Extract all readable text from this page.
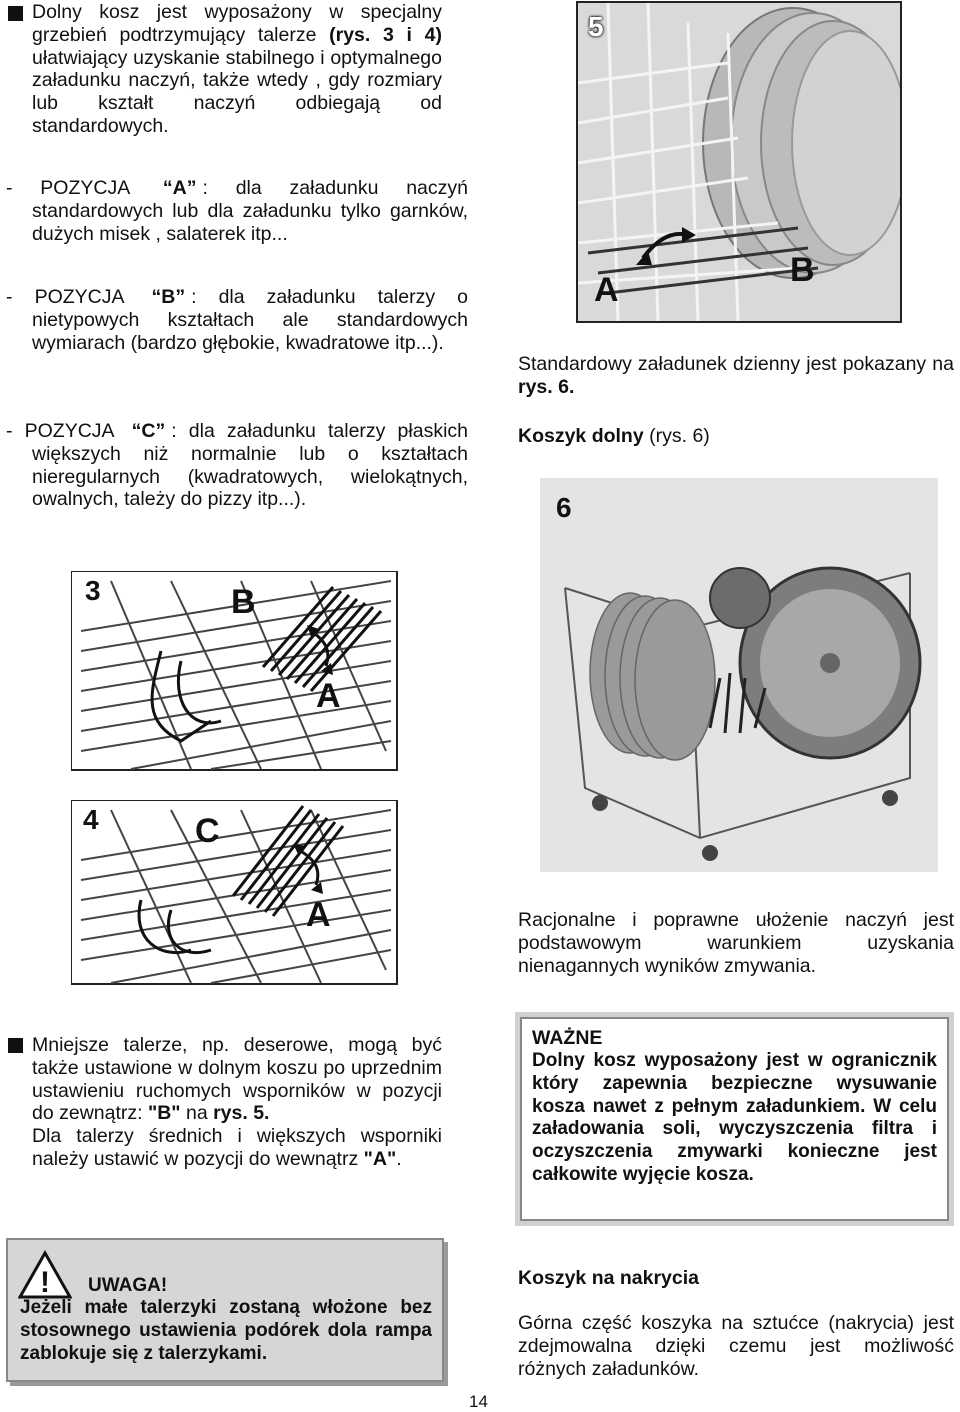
Dolny kosz jest wyposażony w specjalny grzebień podtrzymujący talerze (rys. 3 i 4) ułatwiający uzyskanie stabilnego i optymalnego załadunku naczyń, także wtedy , gdy rozmiary lub kształt naczyń odbiegają od standardowych.
- POZYCJA “A” : dla załadunku naczyń standardowych lub dla załadunku tylko garnków, dużych misek , salaterek itp...
- POZYCJA “B” : dla załadunku talerzy o nietypowych kształtach ale standardowych wymiarach (bardzo głębokie, kwadratowe itp...).
- POZYCJA “C” : dla załadunku talerzy płaskich większych niż normalnie lub o kształtach nieregularnych (kwadratowych, wielokątnych, owalnych, tależy do pizzy itp...).
3	B
A
4	C
A
Mniejsze talerze, np. deserowe, mogą być także ustawione w dolnym koszu po uprzednim ustawieniu ruchomych wsporników w pozycji do zewnątrz: "B" na rys. 5.
Dla talerzy średnich i większych wsporniki należy ustawić w pozycji do wewnątrz "A".
! UWAGA!
Jeżeli małe talerzyki zostaną włożone bez stosownego ustawienia podórek dola rampa zablokuje się z talerzykami.
5
A
B
Standardowy załadunek dzienny jest pokazany na rys. 6.
Koszyk dolny (rys. 6)
6
Racjonalne i poprawne ułożenie naczyń jest podstawowym warunkiem uzyskania nienagannych wyników zmywania.
WAŻNE
Dolny kosz wyposażony jest w ogranicznik który zapewnia bezpieczne wysuwanie kosza nawet z pełnym załadunkiem. W celu załadowania soli, wyczyszczenia filtra i oczyszczenia zmywarki konieczne jest całkowite wyjęcie kosza.
Koszyk na nakrycia
Górna część koszyka na sztućce (nakrycia) jest zdejmowalna dzięki czemu jest możliwość różnych załadunków.
14
